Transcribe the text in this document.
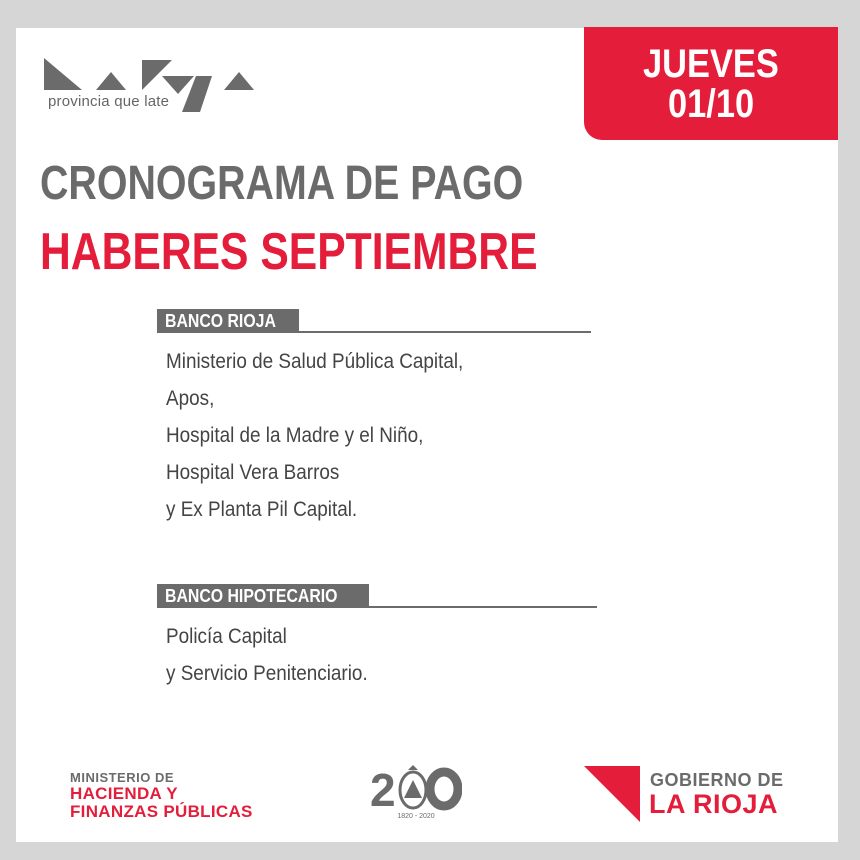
provincia que late
JUEVES
01/10
CRONOGRAMA DE PAGO
HABERES SEPTIEMBRE
BANCO RIOJA
Ministerio de Salud Pública Capital,
Apos,
Hospital de la Madre y el Niño,
Hospital Vera Barros
y Ex Planta Pil Capital.
BANCO HIPOTECARIO
Policía Capital
y Servicio Penitenciario.
MINISTERIO DE
HACIENDA Y
FINANZAS PÚBLICAS	2
1820 - 2020
GOBIERNO DE
LA RIOJA
